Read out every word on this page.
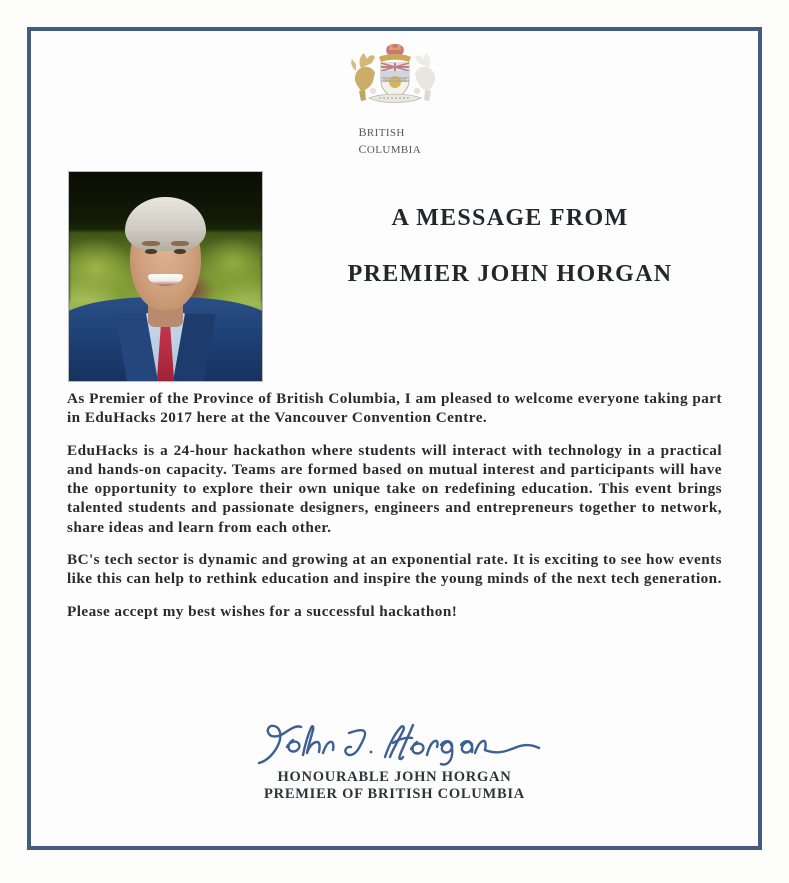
british
columbia
A MESSAGE FROM
PREMIER JOHN HORGAN

As Premier of the Province of British Columbia, I am pleased to welcome everyone taking part in EduHacks 2017 here at the Vancouver Convention Centre.

EduHacks is a 24-hour hackathon where students will interact with technology in a practical and hands-on capacity. Teams are formed based on mutual interest and participants will have the opportunity to explore their own unique take on redefining education. This event brings talented students and passionate designers, engineers and entrepreneurs together to network, share ideas and learn from each other.

BC's tech sector is dynamic and growing at an exponential rate. It is exciting to see how events like this can help to rethink education and inspire the young minds of the next tech generation.

Please accept my best wishes for a successful hackathon!

HONOURABLE JOHN HORGAN
PREMIER OF BRITISH COLUMBIA
